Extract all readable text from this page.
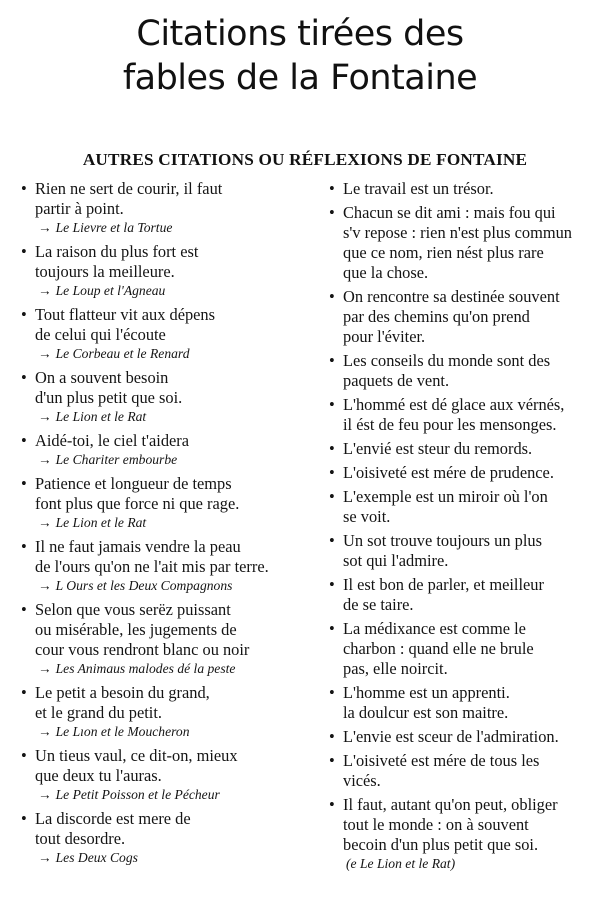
Citations tirées des
fables de la Fontaine
AUTRES CITATIONS OU RÉFLEXIONS DE FONTAINE
• Rien ne sert de courir, il faut
partir à point.
→ Le Lievre et la Tortue
• La raison du plus fort est
toujours la meilleure.
→ Le Loup et l'Agneau
• Tout flatteur vit aux dépens
de celui qui l'écoute
→ Le Corbeau et le Renard
• On a souvent besoin
d'un plus petit que soi.
→ Le Lion et le Rat
• Aidé-toi, le ciel t'aidera
→ Le Chariter embourbe
• Patience et longueur de temps
font plus que force ni que rage.
→ Le Lion et le Rat
• Il ne faut jamais vendre la peau
de l'ours qu'on ne l'ait mis par terre.
→ L Ours et les Deux Compagnons
• Selon que vous serëz puissant
ou misérable, les jugements de
cour vous rendront blanc ou noir
→ Les Animaus malodes dé la peste
• Le petit a besoin du grand,
et le grand du petit.
→ Le Lıon et le Moucheron
• Un tieus vaul, ce dit-on, mieux
que deux tu l'auras.
→ Le Petit Poisson et le Pécheur
• La discorde est mere de
tout desordre.
→ Les Deux Cogs
• Le travail est un trésor.
• Chacun se dit ami : mais fou qui
s'v repose : rien n'est plus commun
que ce nom, rien nést plus rare
que la chose.
• On rencontre sa destinée souvent
par des chemins qu'on prend
pour l'éviter.
• Les conseils du monde sont des
paquets de vent.
• L'hommé est dé glace aux vérnés,
il ést de feu pour les mensonges.
• L'envié est steur du remords.
• L'oisiveté est mére de prudence.
• L'exemple est un miroir où l'on
se voit.
• Un sot trouve toujours un plus
sot qui l'admire.
• Il est bon de parler, et meilleur
de se taire.
• La médixance est comme le
charbon : quand elle ne brule
pas, elle noircit.
• L'homme est un apprenti.
la doulcur est son maitre.
• L'envie est sceur de l'admiration.
• L'oisiveté est mére de tous les
vicés.
• Il faut, autant qu'on peut, obliger
tout le monde : on à souvent
becoin d'un plus petit que soi.
(e Le Lion et le Rat)
